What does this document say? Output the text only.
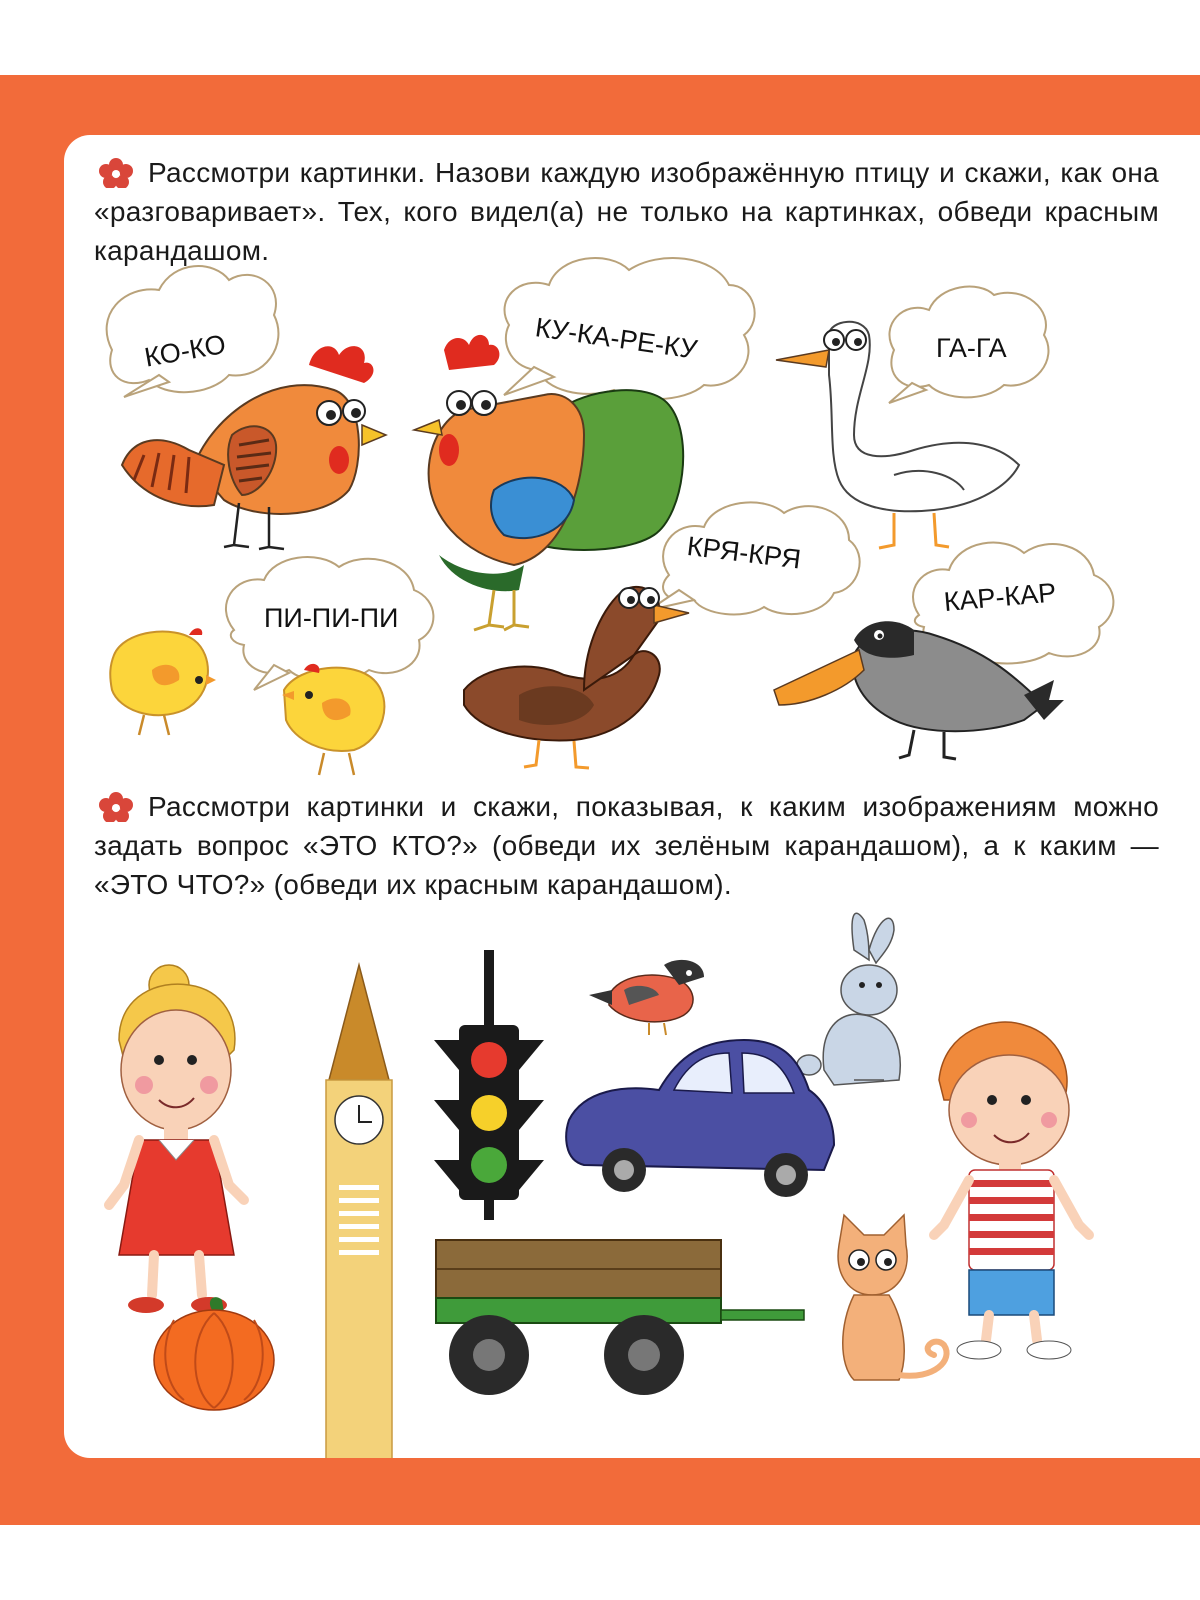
Рассмотри картинки. Назови каждую изображённую птицу и скажи, как она «разговаривает». Тех, кого видел(а) не только на картинках, обведи красным карандашом.
Рассмотри картинки и скажи, показывая, к каким изображениям можно задать вопрос «ЭТО КТО?» (обведи их зелёным карандашом), а к каким — «ЭТО ЧТО?» (обведи их красным карандашом).
КО-КО	КУ-КА-РЕ-КУ	ГА-ГА
ПИ-ПИ-ПИ
КРЯ-КРЯ
КАР-КАР
